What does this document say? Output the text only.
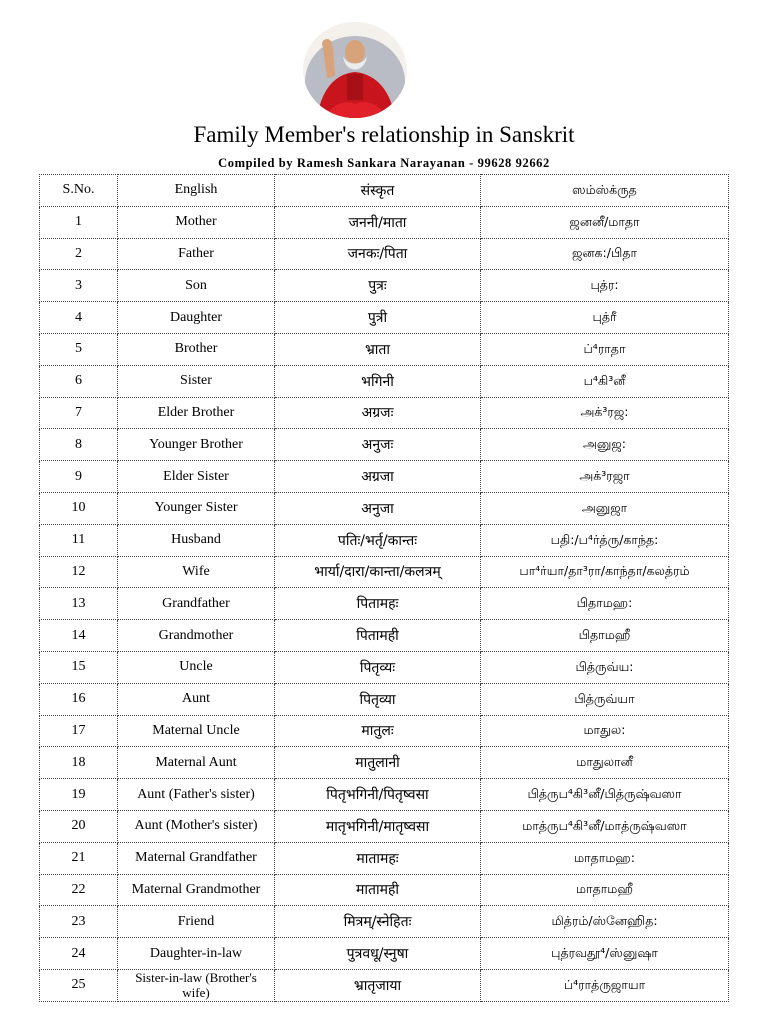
Family Member's relationship in Sanskrit
Compiled by Ramesh Sankara Narayanan - 99628 92662
S.No.	English	संस्कृत	ஸம்ஸ்க்ருத
1	Mother	जननी/माता	ஜனனீ/மாதா
2	Father	जनकः/पिता	ஜனக:/பிதா
3	Son	पुत्रः	புத்ர:
4	Daughter	पुत्री	புத்ரீ
5	Brother	भ्राता	ப்⁴ராதா
6	Sister	भगिनी	ப⁴கி³னீ
7	Elder Brother	अग्रजः	அக்³ரஜ:
8	Younger Brother	अनुजः	அனுஜ:
9	Elder Sister	अग्रजा	அக்³ரஜா
10	Younger Sister	अनुजा	அனுஜா
11	Husband	पतिः/भर्तृ/कान्तः	பதி:/ப⁴ர்த்ரு/காந்த:
12	Wife	भार्या/दारा/कान्ता/कलत्रम्	பா⁴ர்யா/தா³ரா/காந்தா/கலத்ரம்
13	Grandfather	पितामहः	பிதாமஹ:
14	Grandmother	पितामही	பிதாமஹீ
15	Uncle	पितृव्यः	பித்ருவ்ய:
16	Aunt	पितृव्या	பித்ருவ்யா
17	Maternal Uncle	मातुलः	மாதுல:
18	Maternal Aunt	मातुलानी	மாதுலானீ
19	Aunt (Father's sister)	पितृभगिनी/पितृष्वसा	பித்ருப⁴கி³னீ/பித்ருஷ்வஸா
20	Aunt (Mother's sister)	मातृभगिनी/मातृष्वसा	மாத்ருப⁴கி³னீ/மாத்ருஷ்வஸா
21	Maternal Grandfather	मातामहः	மாதாமஹ:
22	Maternal Grandmother	मातामही	மாதாமஹீ
23	Friend	मित्रम्/स्नेहितः	மித்ரம்/ஸ்னேஹித:
24	Daughter-in-law	पुत्रवधू/स्नुषा	புத்ரவதூ⁴/ஸ்னுஷா
25	Sister-in-law (Brother's wife)	भ्रातृजाया	ப்⁴ராத்ருஜாயா
